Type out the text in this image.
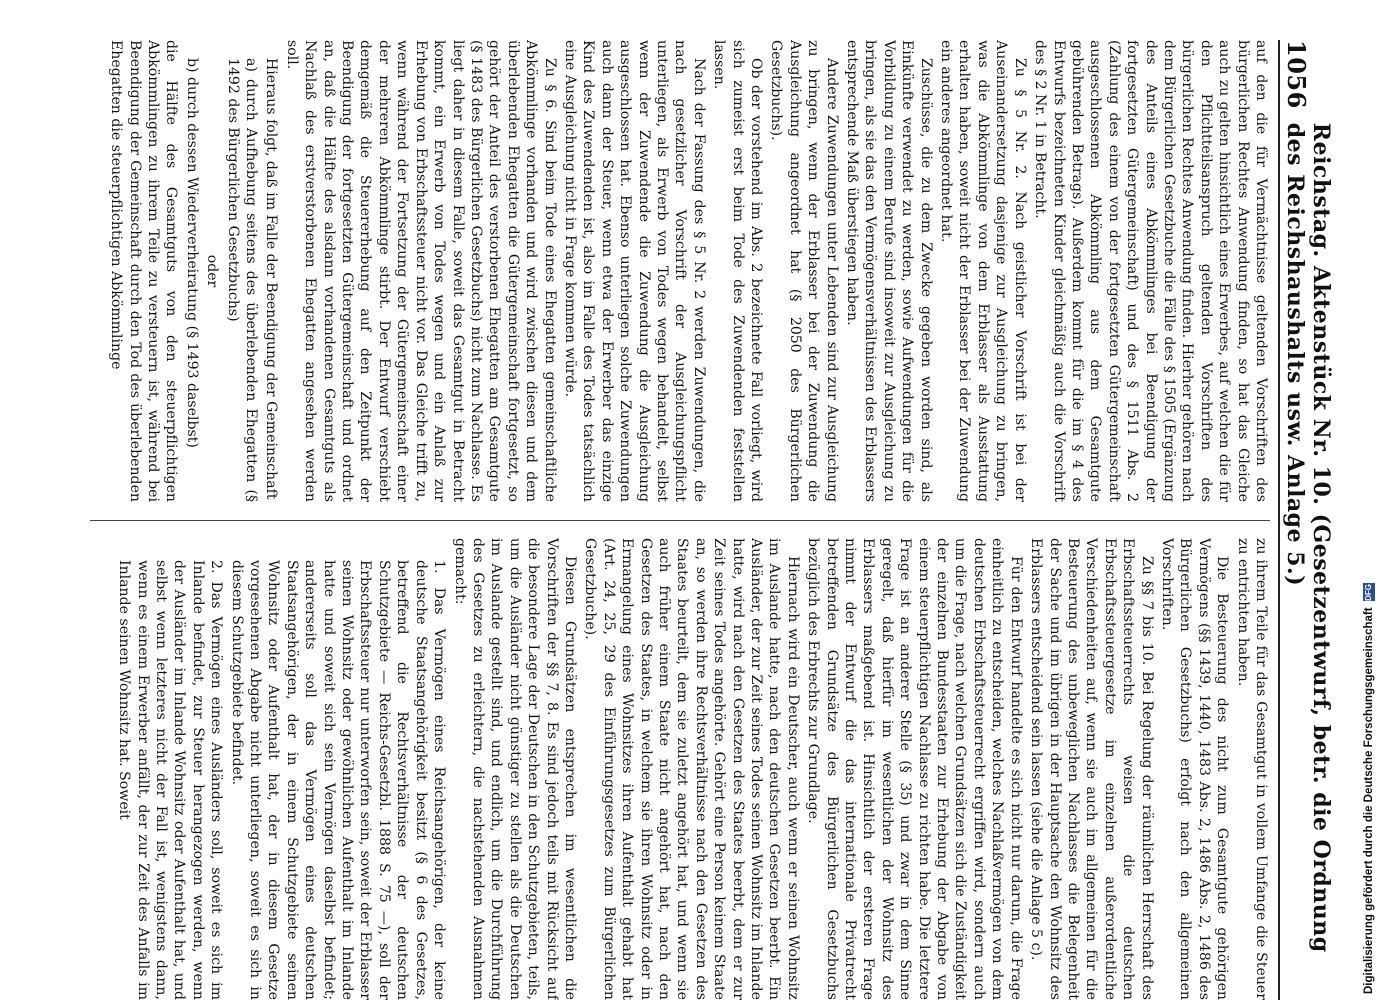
1056
Reichstag. Aktenstück Nr. 10. (Gesetzentwurf, betr. die Ordnung des Reichshaushalts usw. Anlage 5.)

auf den die für Vermächtnisse geltenden Vorschriften des bürgerlichen Rechtes Anwendung finden, so hat das Gleiche auch zu gelten hinsichtlich eines Erwerbes, auf welchen die für den Pflichtteilsanspruch geltenden Vorschriften des bürgerlichen Rechtes Anwendung finden. Hierher gehören nach dem Bürgerlichen Gesetzbuche die Fälle des § 1505 (Ergänzung des Anteils eines Abkömmlinges bei Beendigung der fortgesetzten Gütergemeinschaft) und des § 1511 Abs. 2 (Zahlung des einem von der fortgesetzten Gütergemeinschaft ausgeschlossenen Abkömmling aus dem Gesamtgute gebührenden Betrags). Außerdem kommt für die im § 4 des Entwurfs bezeichneten Kinder gleichmäßig auch die Vorschrift des § 2 Nr. 1 in Betracht.

Zu § 5 Nr. 2. Nach geistlicher Vorschrift ist bei der Auseinandersetzung dasjenige zur Ausgleichung zu bringen, was die Abkömmlinge von dem Erblasser als Ausstattung erhalten haben, soweit nicht der Erblasser bei der Zuwendung ein anderes angeordnet hat.

Zuschüsse, die zu dem Zwecke gegeben worden sind, als Einkünfte verwendet zu werden, sowie Aufwendungen für die Vorbildung zu einem Berufe sind insoweit zur Ausgleichung zu bringen, als sie das den Vermögensverhältnissen des Erblassers entsprechende Maß überstiegen haben.

Andere Zuwendungen unter Lebenden sind zur Ausgleichung zu bringen, wenn der Erblasser bei der Zuwendung die Ausgleichung angeordnet hat (§ 2050 des Bürgerlichen Gesetzbuchs).

Ob der vorstehend im Abs. 2 bezeichnete Fall vorliegt, wird sich zumeist erst beim Tode des Zuwendenden feststellen lassen.

Nach der Fassung des § 5 Nr. 2 werden Zuwendungen, die nach gesetzlicher Vorschrift der Ausgleichungspflicht unterliegen, als Erwerb von Todes wegen behandelt, selbst wenn der Zuwendende die Zuwendung die Ausgleichung ausgeschlossen hat. Ebenso unterliegen solche Zuwendungen auch dann der Steuer, wenn etwa der Erwerber das einzige Kind des Zuwendenden ist, also im Falle des Todes tatsächlich eine Ausgleichung nicht in Frage kommen würde.

Zu § 6. Sind beim Tode eines Ehegatten gemeinschaftliche Abkömmlinge vorhanden und wird zwischen diesen und dem überlebenden Ehegatten die Gütergemeinschaft fortgesetzt, so gehört der Anteil des verstorbenen Ehegatten am Gesamtgute (§ 1483 des Bürgerlichen Gesetzbuchs) nicht zum Nachlasse. Es liegt daher in diesem Falle, soweit das Gesamtgut in Betracht kommt, ein Erwerb von Todes wegen und ein Anlaß zur Erhebung von Erbschaftssteuer nicht vor. Das Gleiche trifft zu, wenn während der Fortsetzung der Gütergemeinschaft einer der mehreren Abkömmlinge stirbt. Der Entwurf verschiebt demgemäß die Steuererhebung auf den Zeitpunkt der Beendigung der fortgesetzten Gütergemeinschaft und ordnet an, daß die Hälfte des alsdann vorhandenen Gesamtguts als Nachlaß des erstverstorbenen Ehegatten angesehen werden soll.

Hieraus folgt, daß im Falle der Beendigung der Gemeinschaft

a) durch Aufhebung seitens des überlebenden Ehegatten (§ 1492 des Bürgerlichen Gesetzbuchs)

oder

b) durch dessen Wiederverheiratung (§ 1493 daselbst)

die Hälfte des Gesamtguts von den steuerpflichtigen Abkömmlingen zu ihrem Teile zu versteuern ist, während bei Beendigung der Gemeinschaft durch den Tod des überlebenden Ehegatten die steuerpflichtigen Abkömmlinge

zu ihrem Teile für das Gesamtgut in vollem Umfange die Steuer zu entrichten haben.

Die Besteuerung des nicht zum Gesamtgute gehörigen Vermögens (§§ 1439, 1440, 1483 Abs. 2, 1486 Abs. 2, 1486 des Bürgerlichen Gesetzbuchs) erfolgt nach den allgemeinen Vorschriften.

Zu §§ 7 bis 10. Bei Regelung der räumlichen Herrschaft des Erbschaftssteuerrechts weisen die deutschen Erbschaftssteuergesetze im einzelnen außerordentliche Verschiedenheiten auf, wenn sie auch im allgemeinen für die Besteuerung des unbeweglichen Nachlasses die Belegenheit der Sache und im übrigen in der Hauptsache den Wohnsitz des Erblassers entscheidend sein lassen (siehe die Anlage 5 c).

Für den Entwurf handelte es sich nicht nur darum, die Frage einheitlich zu entscheiden, welches Nachlaßvermögen von dem deutschen Erbschaftssteuerrecht ergriffen wird, sondern auch um die Frage, nach welchen Grundsätzen sich die Zuständigkeit der einzelnen Bundesstaaten zur Erhebung der Abgabe von einem steuerpflichtigen Nachlasse zu richten habe. Die letztere Frage ist an anderer Stelle (§ 35) und zwar in dem Sinne geregelt, daß hierfür im wesentlichen der Wohnsitz des Erblassers maßgebend ist. Hinsichtlich der ersteren Frage nimmt der Entwurf die das internationale Privatrecht betreffenden Grundsätze des Bürgerlichen Gesetzbuchs bezüglich des Erbrechts zur Grundlage.

Hiernach wird ein Deutscher, auch wenn er seinen Wohnsitz im Auslande hatte, nach den deutschen Gesetzen beerbt. Ein Ausländer, der zur Zeit seines Todes seinen Wohnsitz im Inlande hatte, wird nach den Gesetzen des Staates beerbt, dem er zur Zeit seines Todes angehörte. Gehört eine Person keinem Staate an, so werden ihre Rechtsverhältnisse nach den Gesetzen des Staates beurteilt, dem sie zuletzt angehört hat, und wenn sie auch früher einem Staate nicht angehört hat, nach den Gesetzen des Staates, in welchem sie ihren Wohnsitz oder in Ermangelung eines Wohnsitzes ihren Aufenthalt gehabt hat (Art. 24, 25, 29 des Einführungsgesetzes zum Bürgerlichen Gesetzbuche).

Diesen Grundsätzen entsprechen im wesentlichen die Vorschriften der §§ 7, 8. Es sind jedoch teils mit Rücksicht auf die besondere Lage der Deutschen in den Schutzgebieten, teils, um die Ausländer nicht günstiger zu stellen als die Deutschen im Auslande gestellt sind, und endlich, um die Durchführung des Gesetzes zu erleichtern, die nachstehenden Ausnahmen gemacht:

1. Das Vermögen eines Reichsangehörigen, der keine deutsche Staatsangehörigkeit besitzt (§ 6 des Gesetzes, betreffend die Rechtsverhältnisse der deutschen Schutzgebiete — Reichs-Gesetzbl. 1888 S. 75 —), soll der Erbschaftssteuer nur unterworfen sein, soweit der Erblasser seinen Wohnsitz oder gewöhnlichen Aufenthalt im Inlande hatte und soweit sich sein Vermögen daselbst befindet; andererseits soll das Vermögen eines deutschen Staatsangehörigen, der in einem Schutzgebiete seinen Wohnsitz oder Aufenthalt hat, der in diesem Gesetze vorgesehenen Abgabe nicht unterliegen, soweit es sich in diesem Schutzgebiete befindet.

2. Das Vermögen eines Ausländers soll, soweit es sich im Inlande befindet, zur Steuer herangezogen werden, wenn der Ausländer im Inlande Wohnsitz oder Aufenthalt hat, und selbst wenn letzteres nicht der Fall ist, wenigstens dann, wenn es einem Erwerber anfällt, der zur Zeit des Anfalls im Inlande seinen Wohnsitz hat. Soweit	Digitalisierung gefördert durch die Deutsche Forschungsgemeinschaft
DFG
